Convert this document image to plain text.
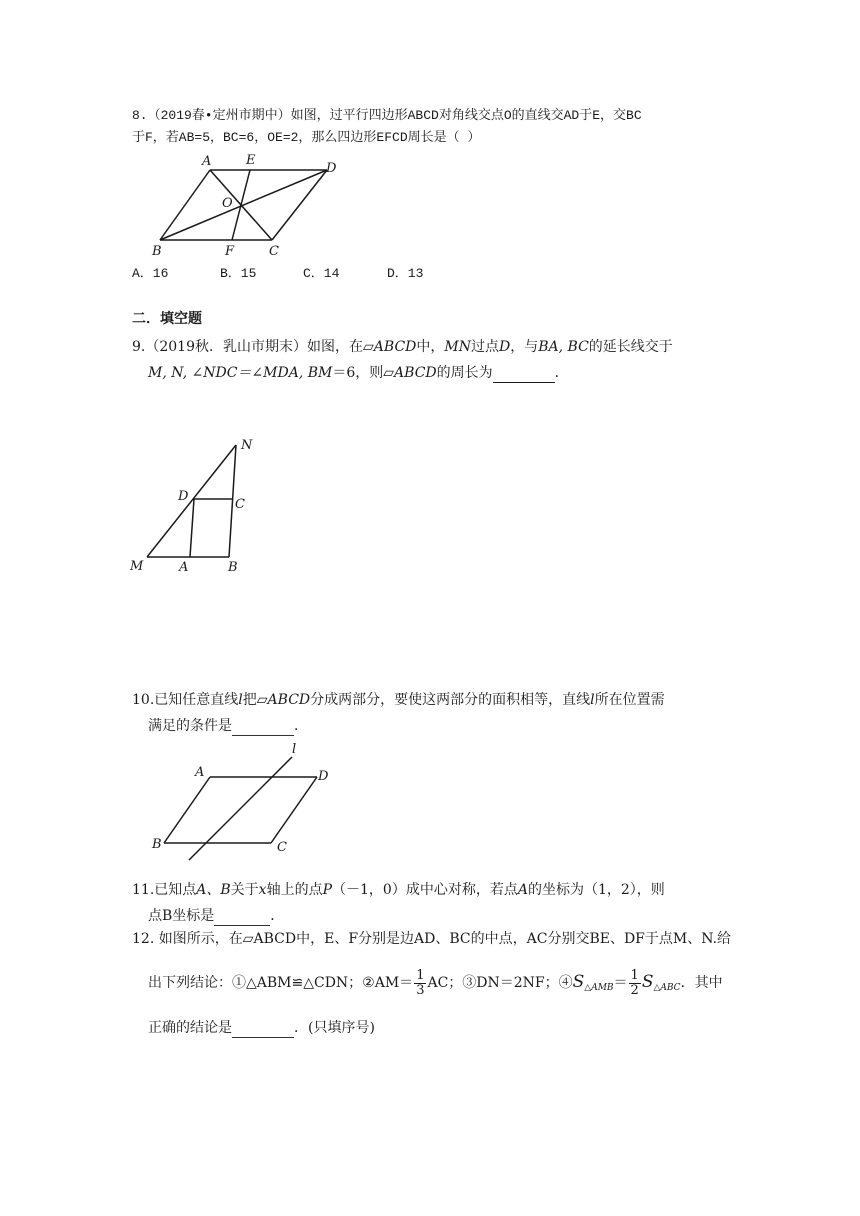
8.（2019春•定州市期中）如图，过平行四边形ABCD对角线交点O的直线交AD于E，交BC
于F，若AB=5，BC=6，OE=2，那么四边形EFCD周长是（ ）
A	E
D
O
B	F	C
A．16	B．15	C．14	D．13
二．填空题
9.（2019秋．乳山市期末）如图，在▱ABCD中，MN过点D，与BA, BC的延长线交于
M, N, ∠NDC＝∠MDA, BM＝6，则▱ABCD的周长为	．
N
D
C
M	A	B
10.已知任意直线l把▱ABCD分成两部分，要使这两部分的面积相等，直线l所在位置需
满足的条件是	．
l
A	D
B	C
11.已知点A、B关于x轴上的点P（－1，0）成中心对称，若点A的坐标为（1，2），则
点B坐标是	．
12. 如图所示，在▱ABCD中，E、F分别是边AD、BC的中点，AC分别交BE、DF于点M、N.给
出下列结论：①△ABM≌△CDN；②AM＝ $\frac{1}{3}$ AC；③DN＝2NF；$④S_{\triangle AMB}= \frac{1}{2} S_{\triangle ABC}$．其中
正确的结论是	．(只填序号)
